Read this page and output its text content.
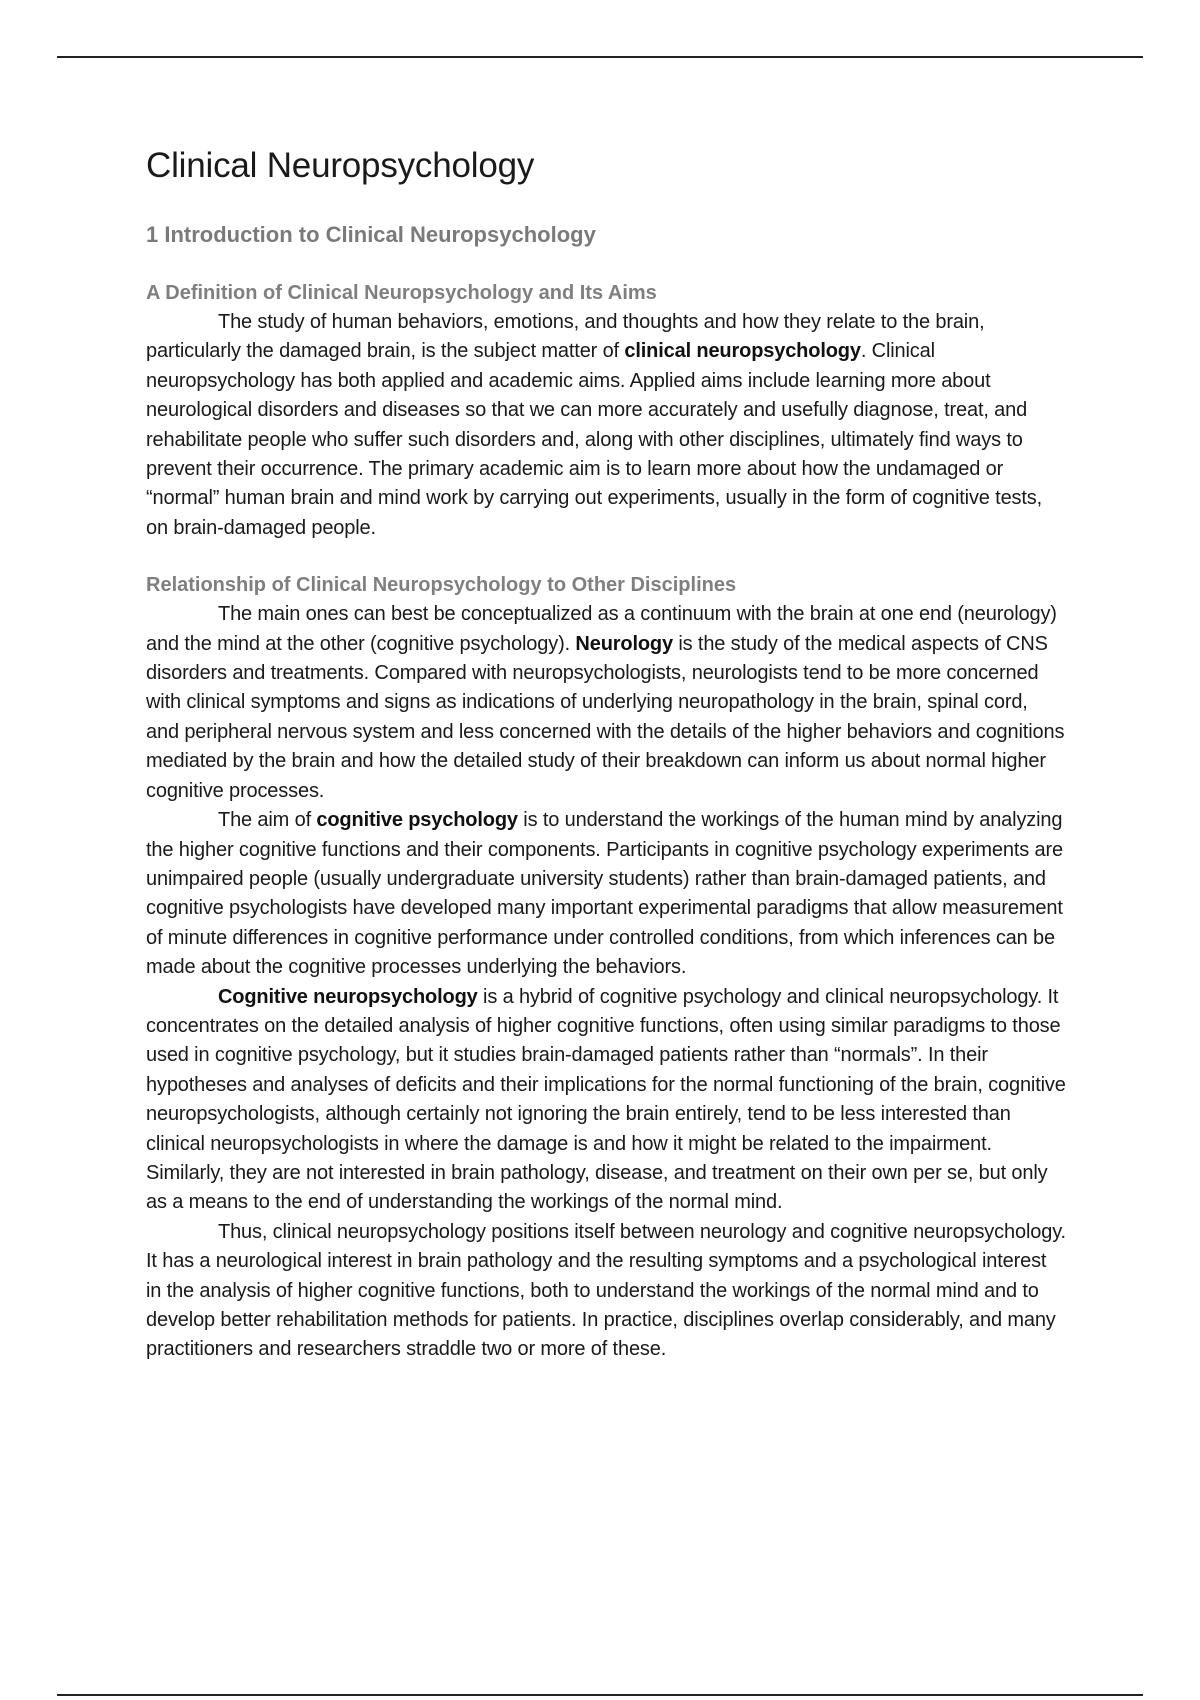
Clinical Neuropsychology
1 Introduction to Clinical Neuropsychology
A Definition of Clinical Neuropsychology and Its Aims

The study of human behaviors, emotions, and thoughts and how they relate to the brain, particularly the damaged brain, is the subject matter of clinical neuropsychology. Clinical neuropsychology has both applied and academic aims. Applied aims include learning more about neurological disorders and diseases so that we can more accurately and usefully diagnose, treat, and rehabilitate people who suffer such disorders and, along with other disciplines, ultimately find ways to prevent their occurrence. The primary academic aim is to learn more about how the undamaged or “normal” human brain and mind work by carrying out experiments, usually in the form of cognitive tests, on brain-damaged people.

Relationship of Clinical Neuropsychology to Other Disciplines

The main ones can best be conceptualized as a continuum with the brain at one end (neurology) and the mind at the other (cognitive psychology). Neurology is the study of the medical aspects of CNS disorders and treatments. Compared with neuropsychologists, neurologists tend to be more concerned with clinical symptoms and signs as indications of underlying neuropathology in the brain, spinal cord, and peripheral nervous system and less concerned with the details of the higher behaviors and cognitions mediated by the brain and how the detailed study of their breakdown can inform us about normal higher cognitive processes.

The aim of cognitive psychology is to understand the workings of the human mind by analyzing the higher cognitive functions and their components. Participants in cognitive psychology experiments are unimpaired people (usually undergraduate university students) rather than brain-damaged patients, and cognitive psychologists have developed many important experimental paradigms that allow measurement of minute differences in cognitive performance under controlled conditions, from which inferences can be made about the cognitive processes underlying the behaviors.

Cognitive neuropsychology is a hybrid of cognitive psychology and clinical neuropsychology. It concentrates on the detailed analysis of higher cognitive functions, often using similar paradigms to those used in cognitive psychology, but it studies brain-damaged patients rather than “normals”. In their hypotheses and analyses of deficits and their implications for the normal functioning of the brain, cognitive neuropsychologists, although certainly not ignoring the brain entirely, tend to be less interested than clinical neuropsychologists in where the damage is and how it might be related to the impairment. Similarly, they are not interested in brain pathology, disease, and treatment on their own per se, but only as a means to the end of understanding the workings of the normal mind.

Thus, clinical neuropsychology positions itself between neurology and cognitive neuropsychology. It has a neurological interest in brain pathology and the resulting symptoms and a psychological interest in the analysis of higher cognitive functions, both to understand the workings of the normal mind and to develop better rehabilitation methods for patients. In practice, disciplines overlap considerably, and many practitioners and researchers straddle two or more of these.
